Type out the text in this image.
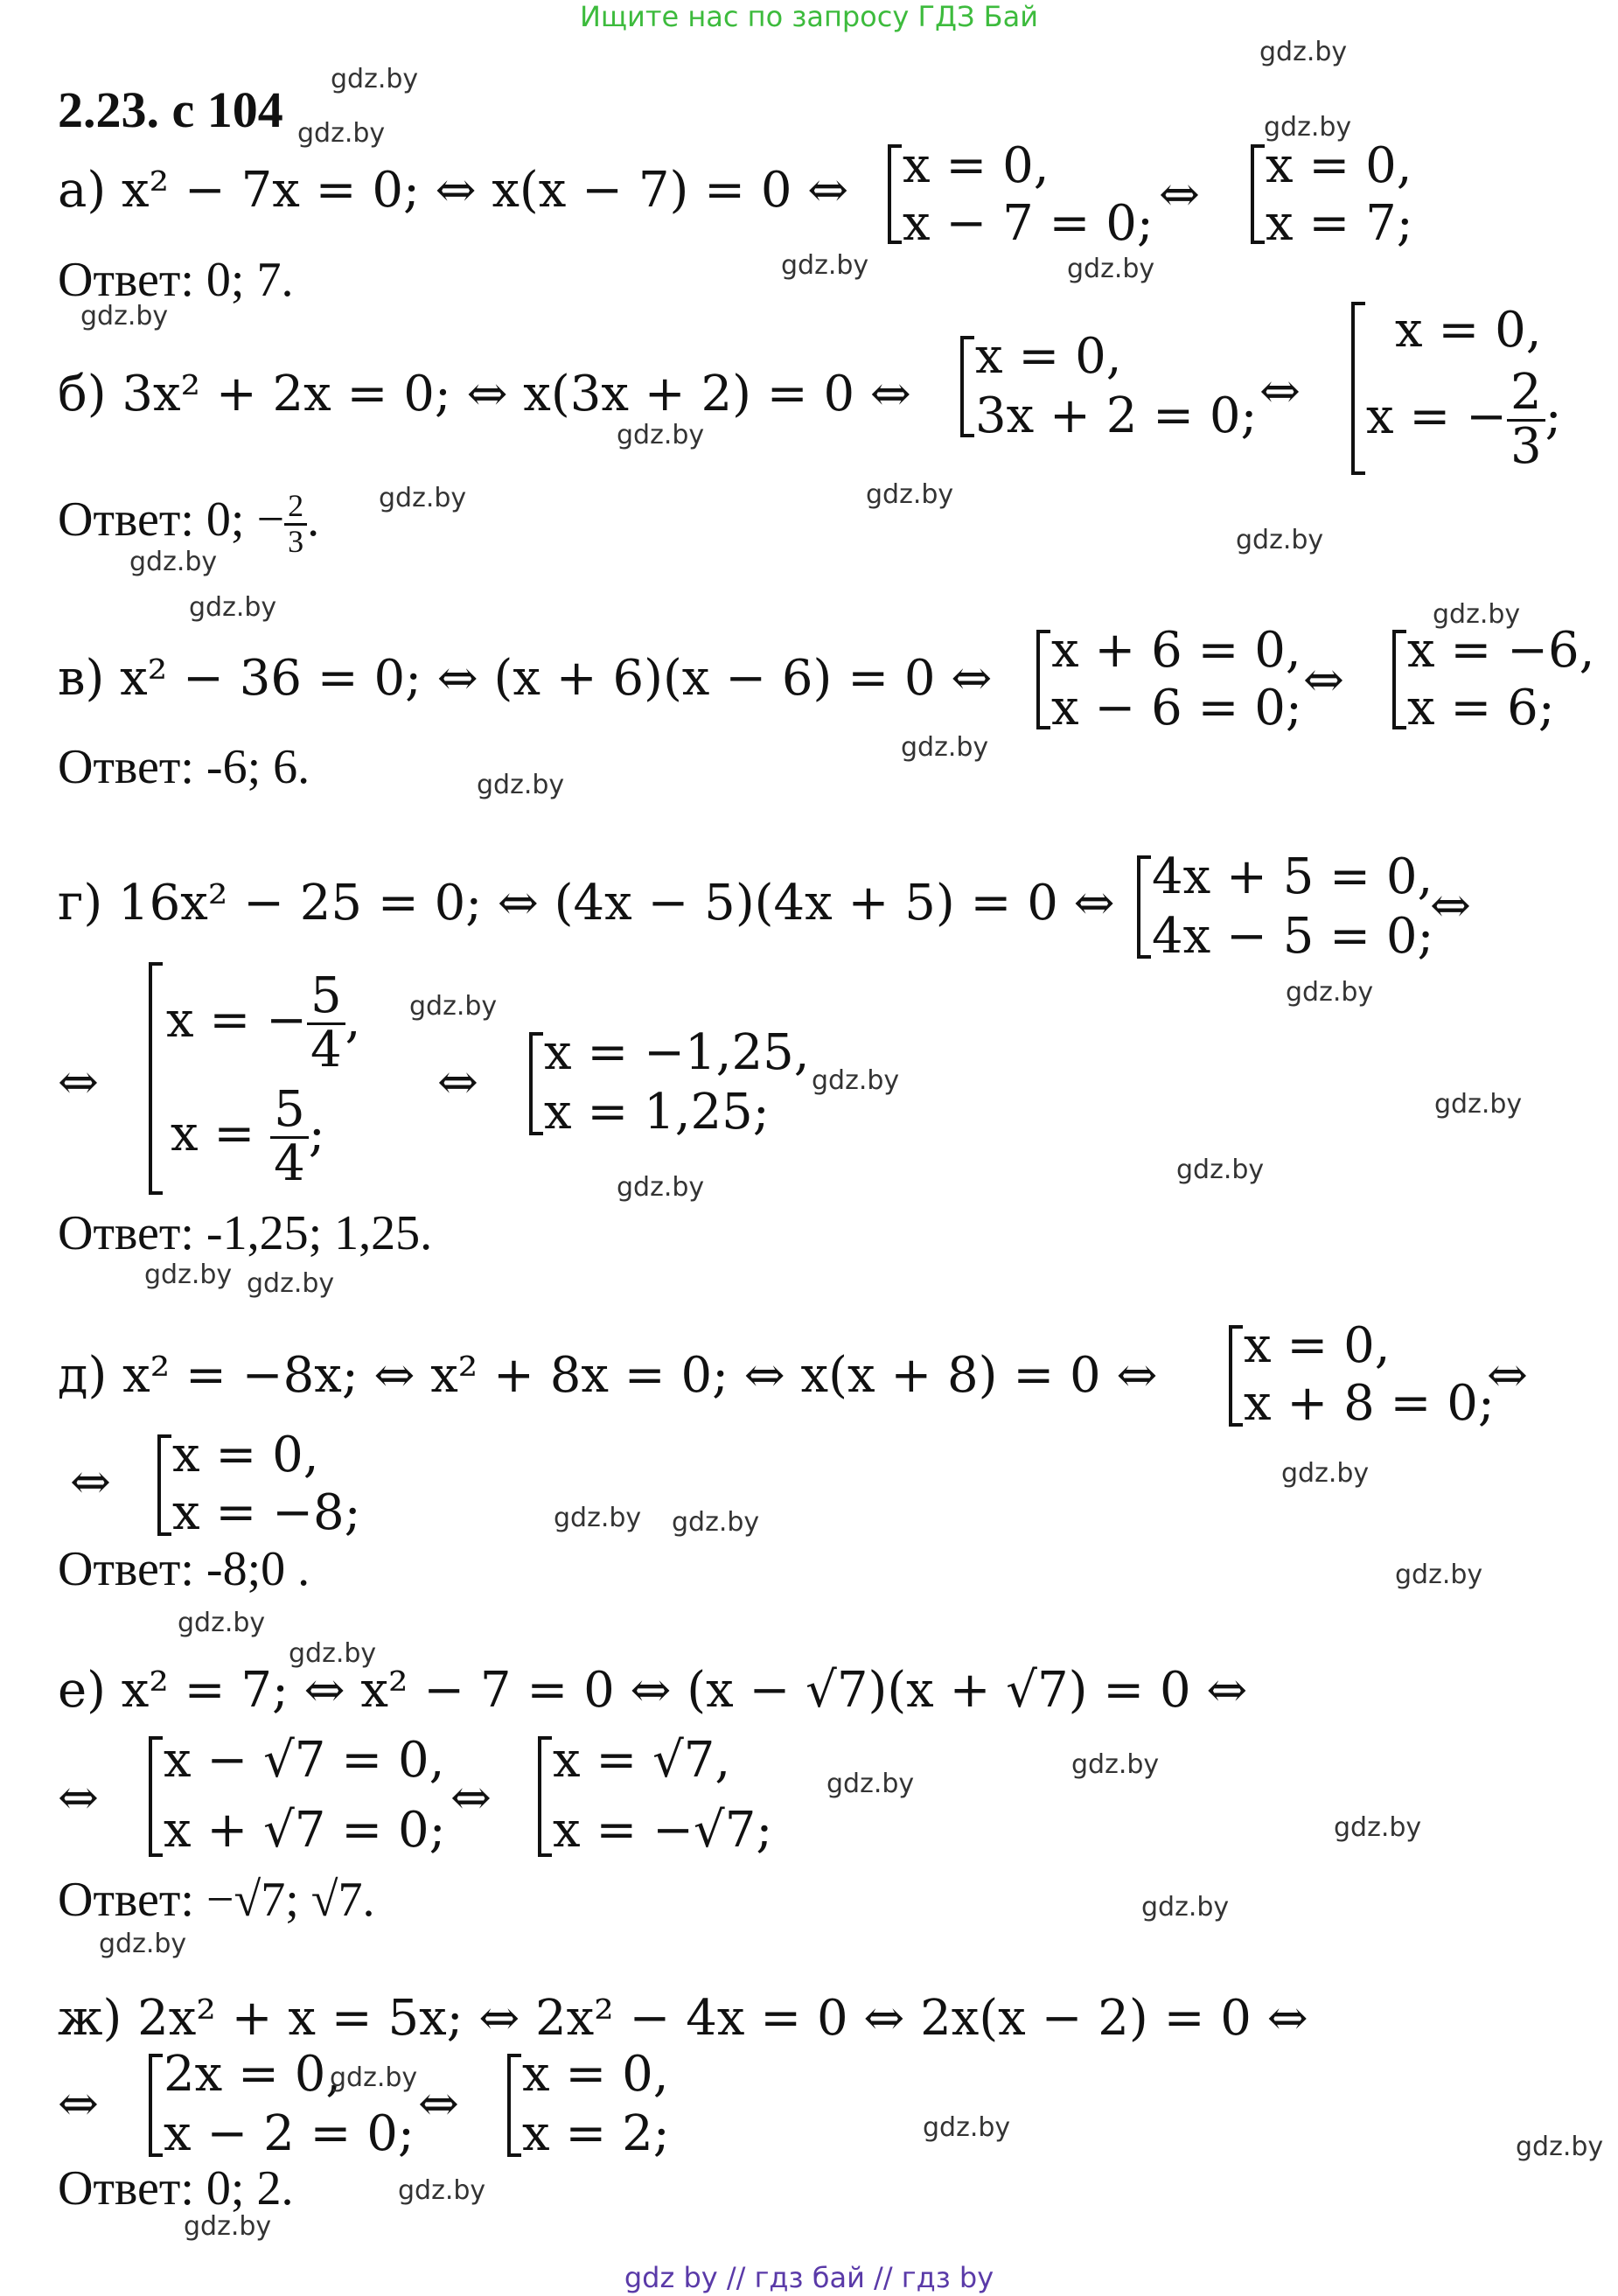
Ищите нас по запросу ГДЗ Бай
gdz by // гдз бай // гдз by
2.23. с 104
а) x² − 7x = 0; ⇔ x(x − 7) = 0 ⇔ x = 0,
x − 7 = 0;
⇔
x = 0,
x = 7;
Ответ: 0; 7.
б) 3x² + 2x = 0; ⇔ x(3x + 2) = 0 ⇔
x = 0,
3x + 2 = 0; ⇔
x = 0,
x = − $\frac{2}{3}$ ;
Ответ: 0; − $\frac{2}{3}$ .
в) x² − 36 = 0; ⇔ (x + 6)(x − 6) = 0 ⇔ x + 6 = 0,
x − 6 = 0; ⇔
x = −6,
x = 6;
Ответ: -6; 6.
г) 16x² − 25 = 0; ⇔ (4x − 5)(4x + 5) = 0 ⇔ 4x + 5 = 0,
4x − 5 = 0;
⇔
⇔
x = − $\frac{5}{4}$ ,
$x = \frac{5}{4}$ ;
⇔
x = −1,25,
x = 1,25;
Ответ: -1,25; 1,25.
д) x² = −8x; ⇔ x² + 8x = 0; ⇔ x(x + 8) = 0 ⇔
x = 0,
x + 8 = 0;
⇔
⇔ x = 0,
x = −8;
Ответ: -8;0 .
е) x² = 7; ⇔ x² − 7 = 0 ⇔ (x − √7)(x + √7) = 0 ⇔
⇔
x − √7 = 0,
x + √7 = 0;
⇔
x = √7,
x = −√7;
Ответ: −√7; √7.
ж) 2x² + x = 5x; ⇔ 2x² − 4x = 0 ⇔ 2x(x − 2) = 0 ⇔
⇔
2x = 0,
x − 2 = 0;
⇔
x = 0,
x = 2;
Ответ: 0; 2.
gdz.by
gdz.by
gdz.by
gdz.by
gdz.by	gdz.by
gdz.by
gdz.by
gdz.by	gdz.by
gdz.by
gdz.by
gdz.by	gdz.by
gdz.by
gdz.by
gdz.by	gdz.by
gdz.by
gdz.by
gdz.by
gdz.by
gdz.by gdz.by
gdz.by
gdz.by gdz.by
gdz.by
gdz.by
gdz.by
gdz.by
gdz.by
gdz.by
gdz.by
gdz.by
gdz.by
gdz.by
gdz.by
gdz.by
gdz.by
